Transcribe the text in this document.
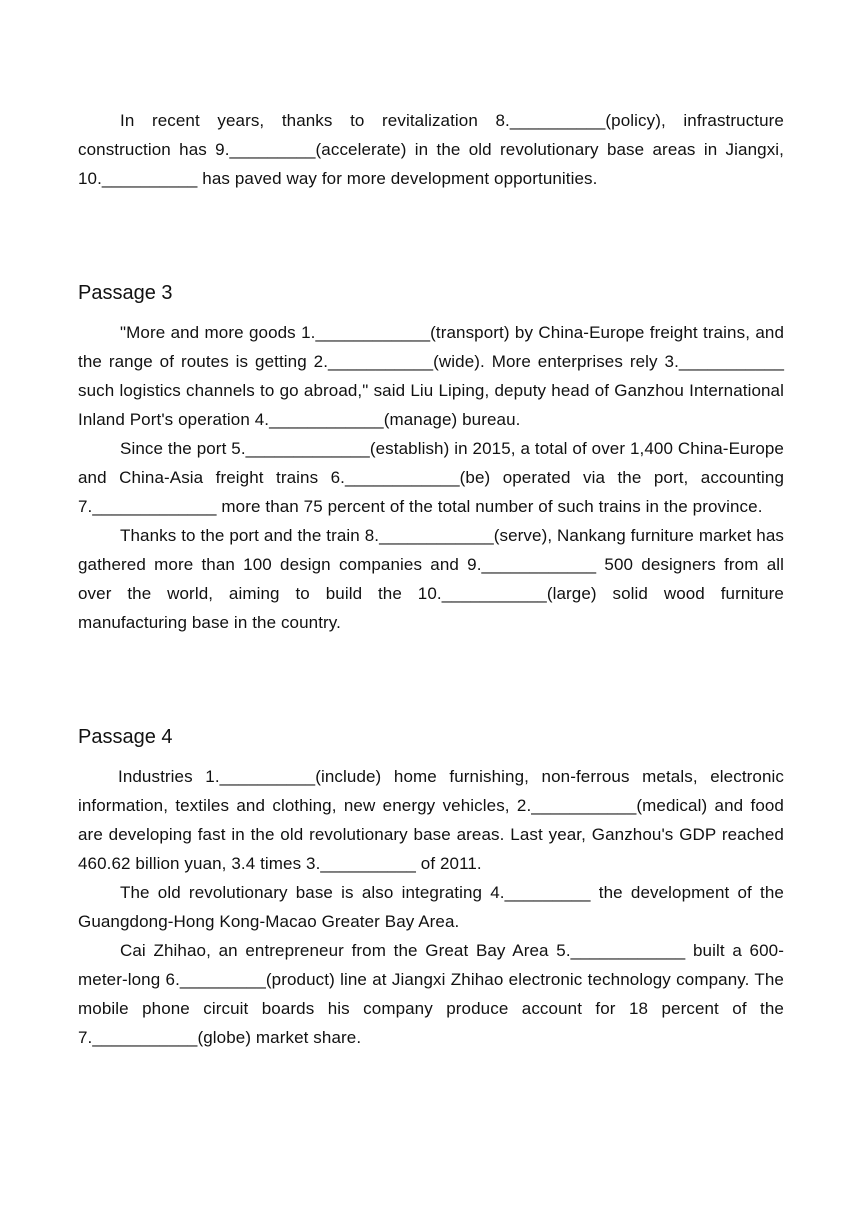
In recent years, thanks to revitalization 8.__________(policy), infrastructure construction has 9._________(accelerate) in the old revolutionary base areas in Jiangxi, 10.__________ has paved way for more development opportunities.

Passage 3

"More and more goods 1.____________(transport) by China-Europe freight trains, and the range of routes is getting 2.___________(wide). More enterprises rely 3.___________ such logistics channels to go abroad," said Liu Liping, deputy head of Ganzhou International Inland Port's operation 4.____________(manage) bureau.

Since the port 5._____________(establish) in 2015, a total of over 1,400 China-Europe and China-Asia freight trains 6.____________(be) operated via the port, accounting 7._____________ more than 75 percent of the total number of such trains in the province.

Thanks to the port and the train 8.____________(serve), Nankang furniture market has gathered more than 100 design companies and 9.____________ 500 designers from all over the world, aiming to build the 10.___________(large) solid wood furniture manufacturing base in the country.

Passage 4

Industries 1.__________(include) home furnishing, non-ferrous metals, electronic information, textiles and clothing, new energy vehicles, 2.___________(medical) and food are developing fast in the old revolutionary base areas. Last year, Ganzhou's GDP reached 460.62 billion yuan, 3.4 times 3.__________ of 2011.

The old revolutionary base is also integrating 4._________ the development of the Guangdong-Hong Kong-Macao Greater Bay Area.

Cai Zhihao, an entrepreneur from the Great Bay Area 5.____________ built a 600-meter-long 6._________(product) line at Jiangxi Zhihao electronic technology company. The mobile phone circuit boards his company produce account for 18 percent of the 7.___________(globe) market share.
